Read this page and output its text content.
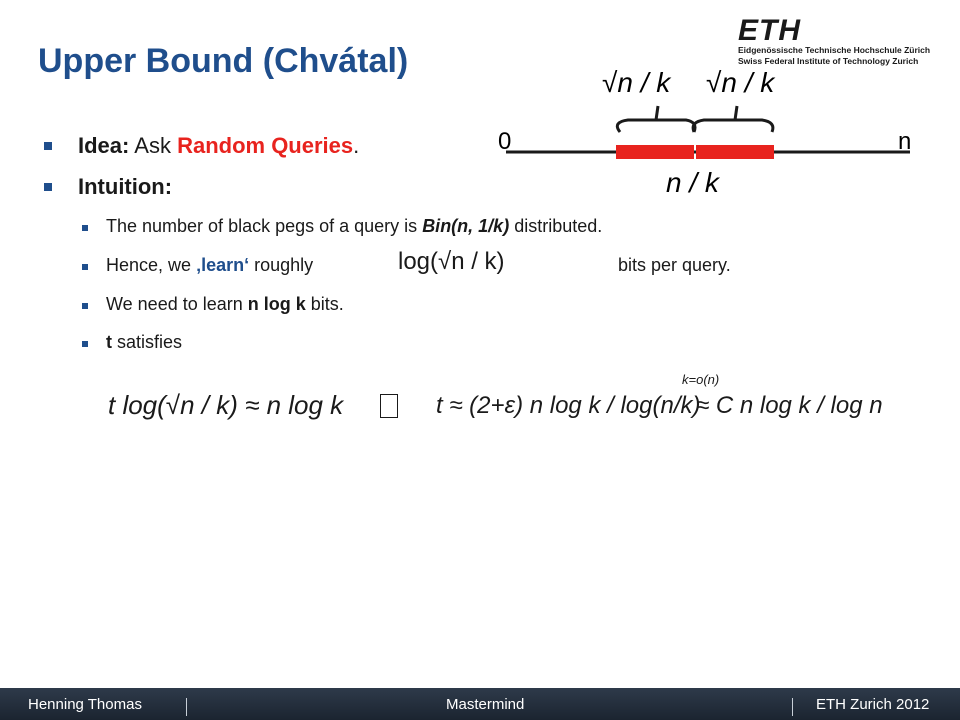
Upper Bound (Chvátal)
ETH
Eidgenössische Technische Hochschule Zürich
Swiss Federal Institute of Technology Zurich
Idea: Ask Random Queries.
Intuition:
The number of black pegs of a query is Bin(n, 1/k) distributed.
Hence, we ‚learn‘ roughly	log(√n / k)	bits per query.
We need to learn n log k bits.
t satisfies
0	n
√n / k √n / k
n / k
t log(√n / k) ≈ n log k	t ≈ (2+ε) n log k / log(n/k)
k=o(n)
≈ C n log k / log n
Henning Thomas	Mastermind	ETH Zurich 2012
